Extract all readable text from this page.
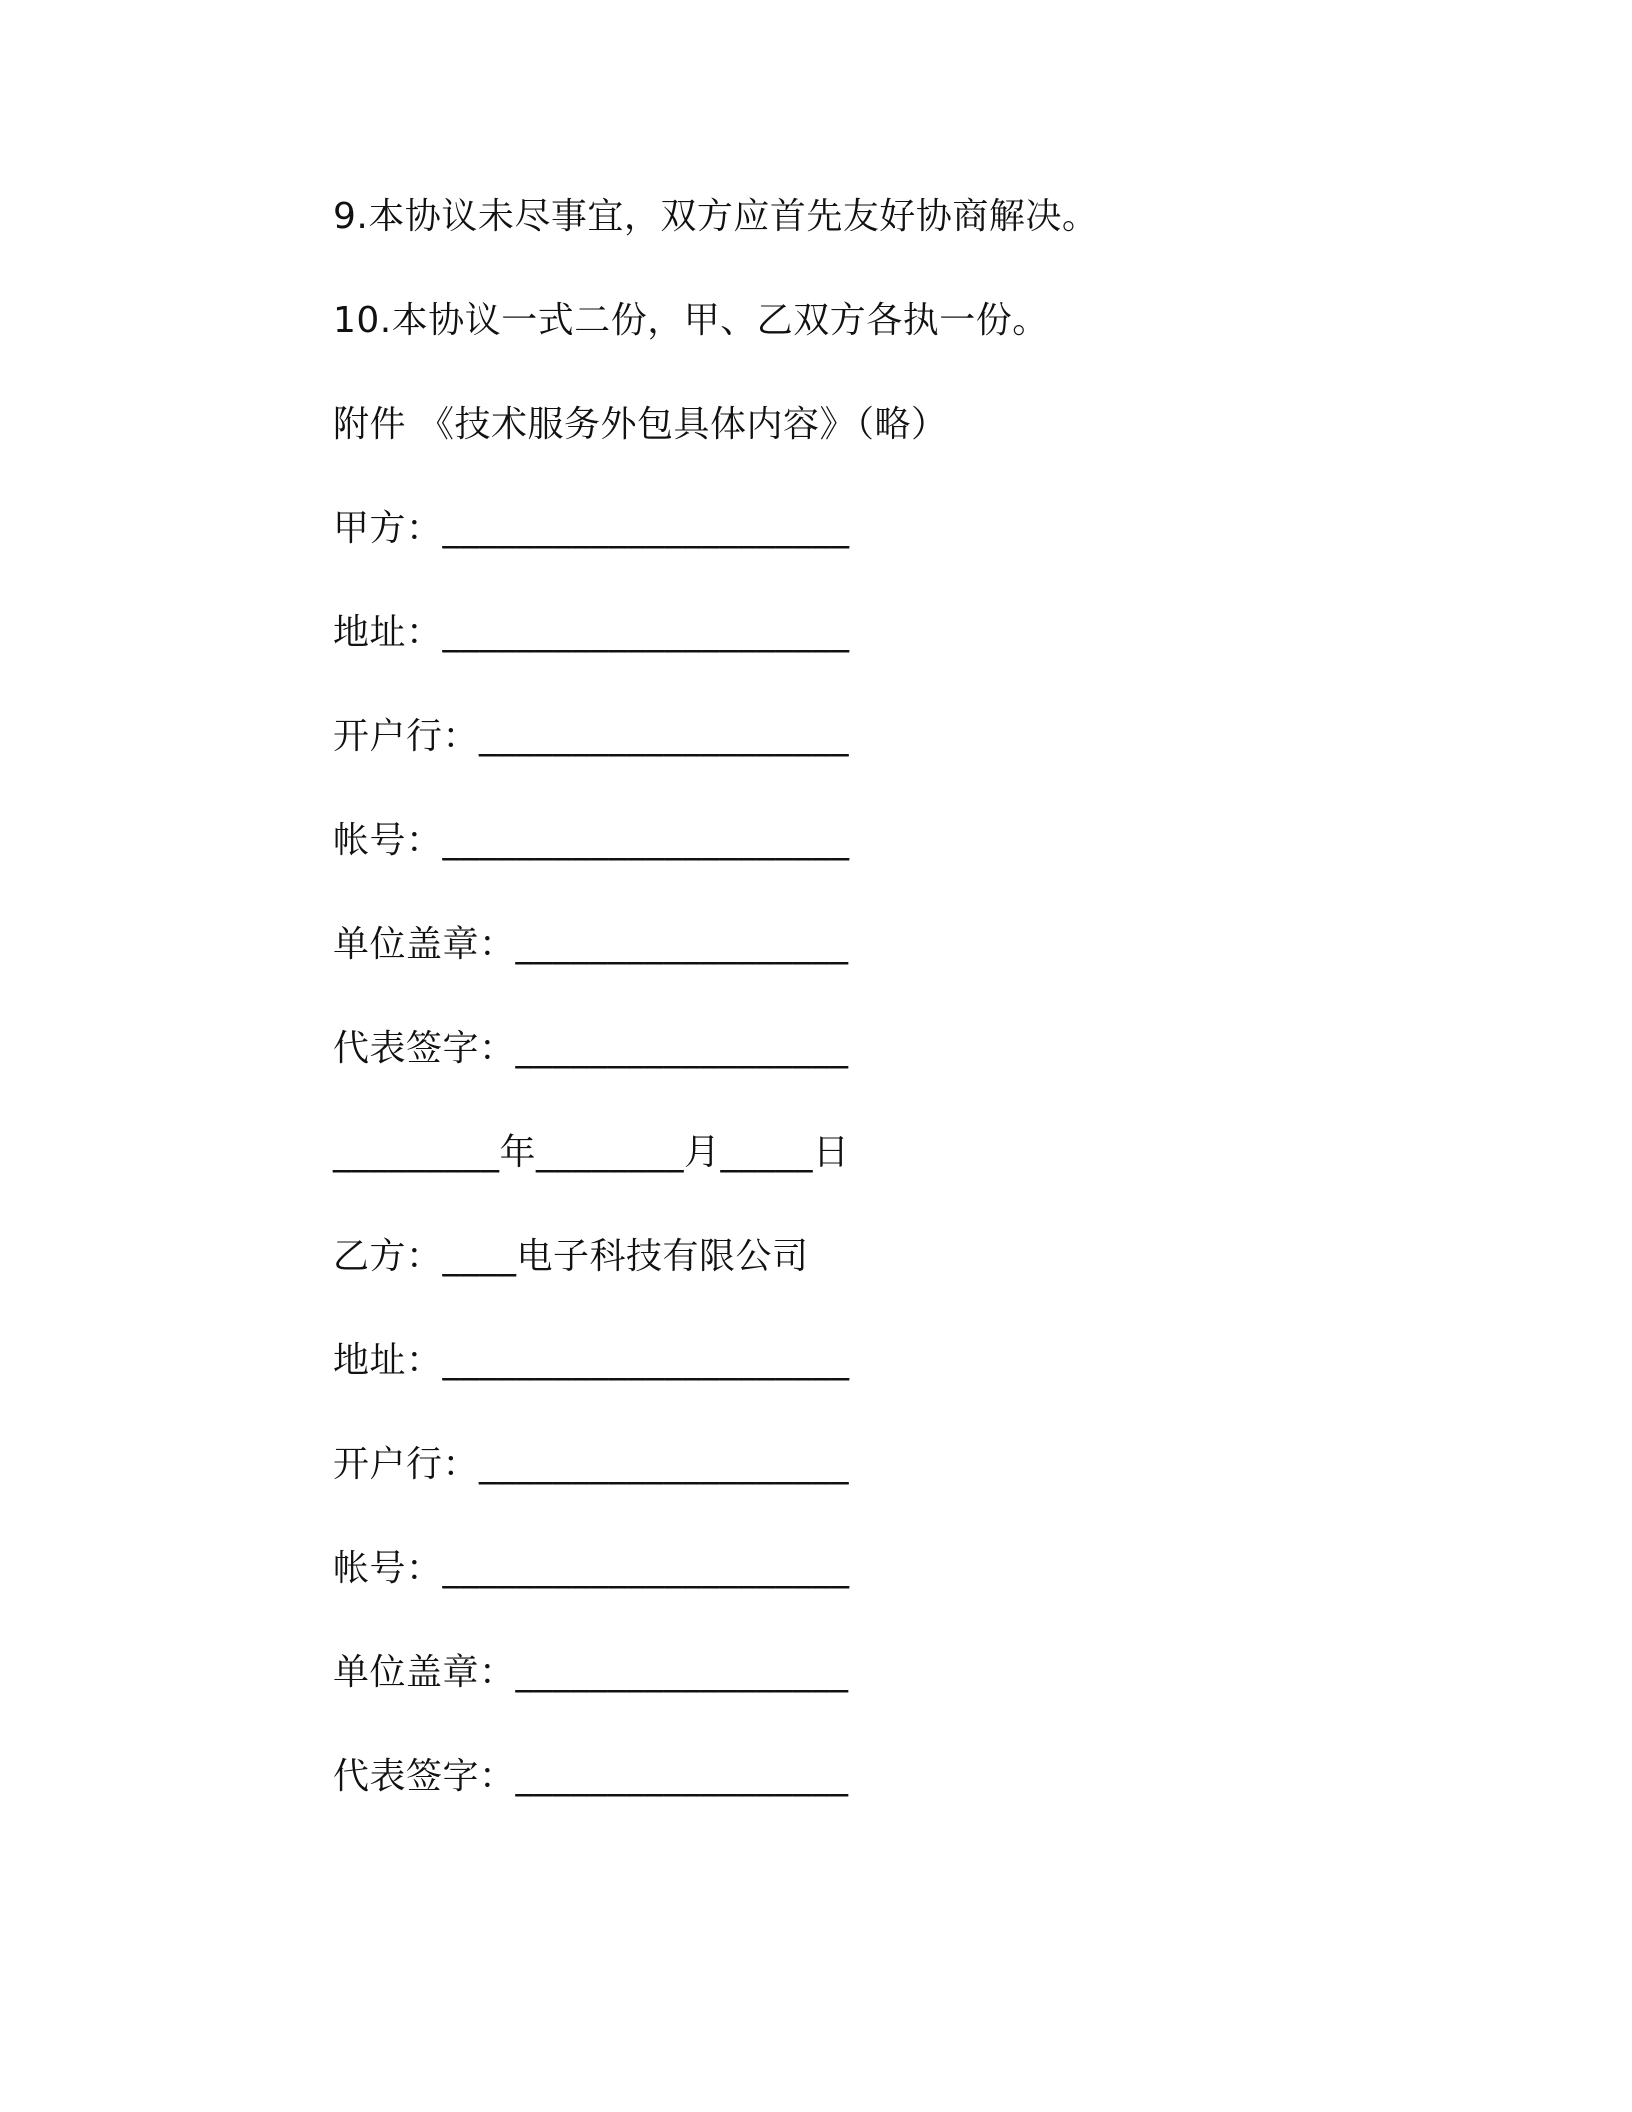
9.本协议未尽事宜，双方应首先友好协商解决。
10.本协议一式二份，甲、乙双方各执一份。
附件 《技术服务外包具体内容》（略）
甲方：______________________
地址：______________________
开户行：____________________
帐号：______________________
单位盖章：__________________
代表签字：__________________
_________年________月_____日
乙方：____电子科技有限公司
地址：______________________
开户行：____________________
帐号：______________________
单位盖章：__________________
代表签字：__________________
